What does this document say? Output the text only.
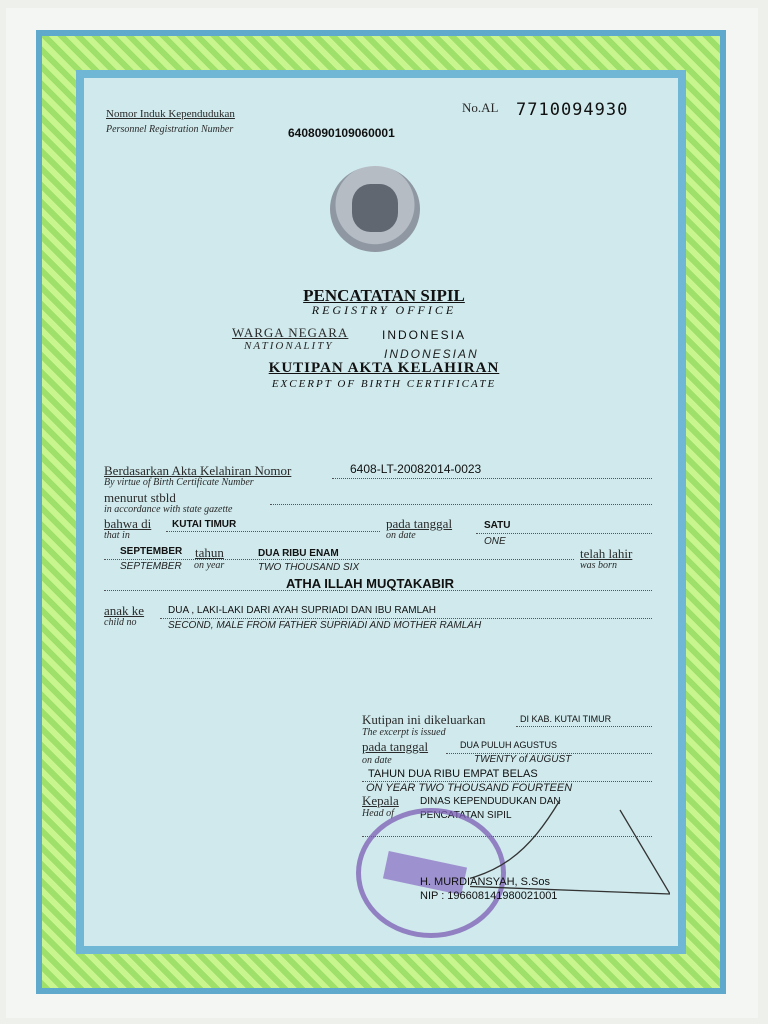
Nomor Induk Kependudukan
Personnel Registration Number	6408090109060001
No.AL 7710094930
PENCATATAN SIPIL
REGISTRY OFFICE
WARGA NEGARA
NATIONALITY
INDONESIA
INDONESIAN
KUTIPAN AKTA KELAHIRAN
EXCERPT OF BIRTH CERTIFICATE
Berdasarkan Akta Kelahiran Nomor
By virtue of Birth Certificate Number
6408-LT-20082014-0023
menurut stbld
in accordance with state gazette
bahwa di
that in
KUTAI TIMUR	pada tanggal
on date
SATU
ONE
SEPTEMBER
SEPTEMBER
tahun
on year
DUA RIBU ENAM
TWO THOUSAND SIX
telah lahir
was born
ATHA ILLAH MUQTAKABIR
anak ke
child no
DUA , LAKI-LAKI DARI AYAH SUPRIADI DAN IBU RAMLAH
SECOND, MALE FROM FATHER SUPRIADI AND MOTHER RAMLAH
Kutipan ini dikeluarkan
The excerpt is issued
DI KAB. KUTAI TIMUR
pada tanggal
on date
DUA PULUH AGUSTUS
TWENTY of AUGUST
TAHUN DUA RIBU EMPAT BELAS
ON YEAR TWO THOUSAND FOURTEEN
Kepala
Head of
DINAS KEPENDUDUKAN DAN
PENCATATAN SIPIL
H. MURDIANSYAH, S.Sos
NIP : 196608141980021001
